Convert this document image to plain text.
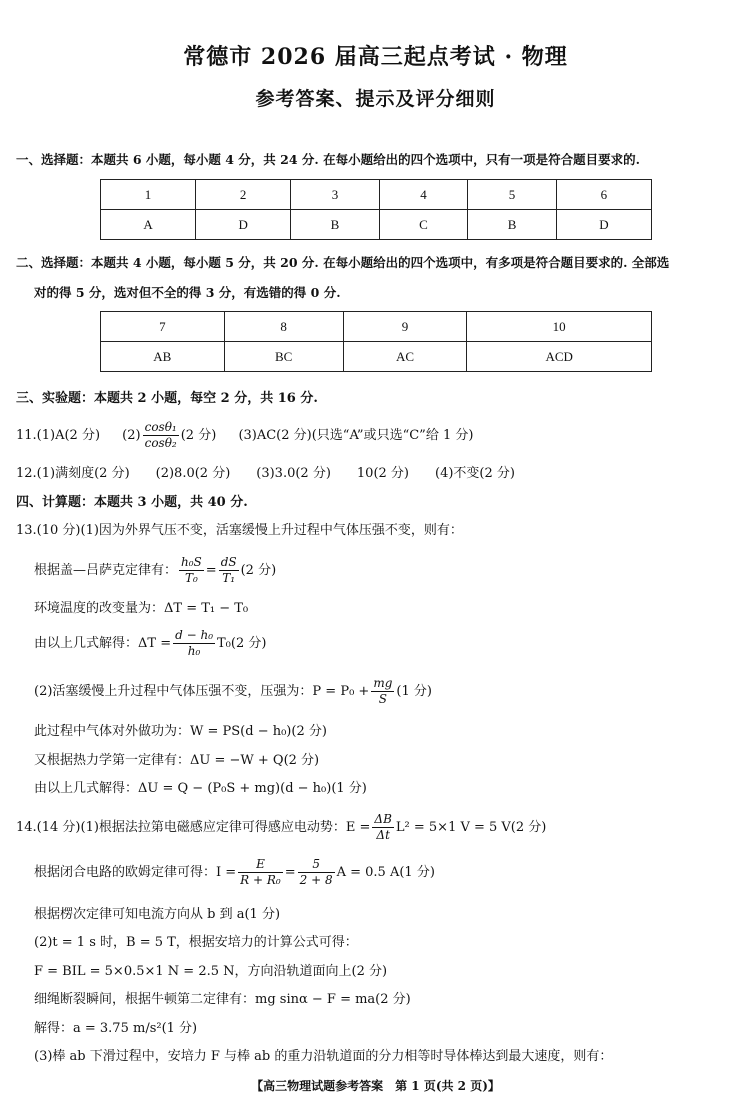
常德市 2026 届高三起点考试 · 物理
参考答案、提示及评分细则
一、选择题：本题共 6 小题，每小题 4 分，共 24 分. 在每小题给出的四个选项中，只有一项是符合题目要求的.
1	2	3	4	5	6
A	D	B	C	B	D
二、选择题：本题共 4 小题，每小题 5 分，共 20 分. 在每小题给出的四个选项中，有多项是符合题目要求的. 全部选
对的得 5 分，选对但不全的得 3 分，有选错的得 0 分.
7	8	9	10
AB	BC	AC	ACD
三、实验题：本题共 2 小题，每空 2 分，共 16 分.
11.(1)A(2 分) $(2) \frac{\text{cosθ₁}}{\text{cosθ₂}} (2$ 分) (3)AC(2 分)(只选“A”或只选“C”给 1 分)
12.(1)满刻度(2 分)　　(2)8.0(2 分)　　(3)3.0(2 分)　　10(2 分)　　(4)不变(2 分)
四、计算题：本题共 3 小题，共 40 分.
13.(10 分)(1)因为外界气压不变，活塞缓慢上升过程中气体压强不变，则有：
根据盖—吕萨克定律有： $\frac{\text{h₀S}}{\text{T₀}} = \frac{dS}{\text{T₁}} (2$ 分)
环境温度的改变量为：ΔT = T₁ − T₀
由以上几式解得：$\Delta T = \frac{\text{d − h₀}}{\text{h₀}} T_0(2$ 分)
(2)活塞缓慢上升过程中气体压强不变，压强为：$P = P_0 + \frac{mg}{S} (1$ 分)
此过程中气体对外做功为：W = PS(d − h₀)(2 分)
又根据热力学第一定律有：ΔU = −W + Q(2 分)
由以上几式解得：ΔU = Q − (P₀S + mg)(d − h₀)(1 分)
14.(14 分)(1)根据法拉第电磁感应定律可得感应电动势：$E = \frac{\Delta B}{\Delta t} L^2 = 5\times 1$ V = 5 V(2 分)
根据闭合电路的欧姆定律可得：$I = \frac{E}{\text{R + R₀}} = \frac{5}{2 + 8}$ A = 0.5 A(1 分)
根据楞次定律可知电流方向从 b 到 a(1 分)
(2)t = 1 s 时，B = 5 T，根据安培力的计算公式可得：
F = BIL = 5×0.5×1 N = 2.5 N，方向沿轨道面向上(2 分)
细绳断裂瞬间，根据牛顿第二定律有：mg sinα − F = ma(2 分)
解得：a = 3.75 m/s²(1 分)
(3)棒 ab 下滑过程中，安培力 F 与棒 ab 的重力沿轨道面的分力相等时导体棒达到最大速度，则有：
【高三物理试题参考答案　第 1 页(共 2 页)】
